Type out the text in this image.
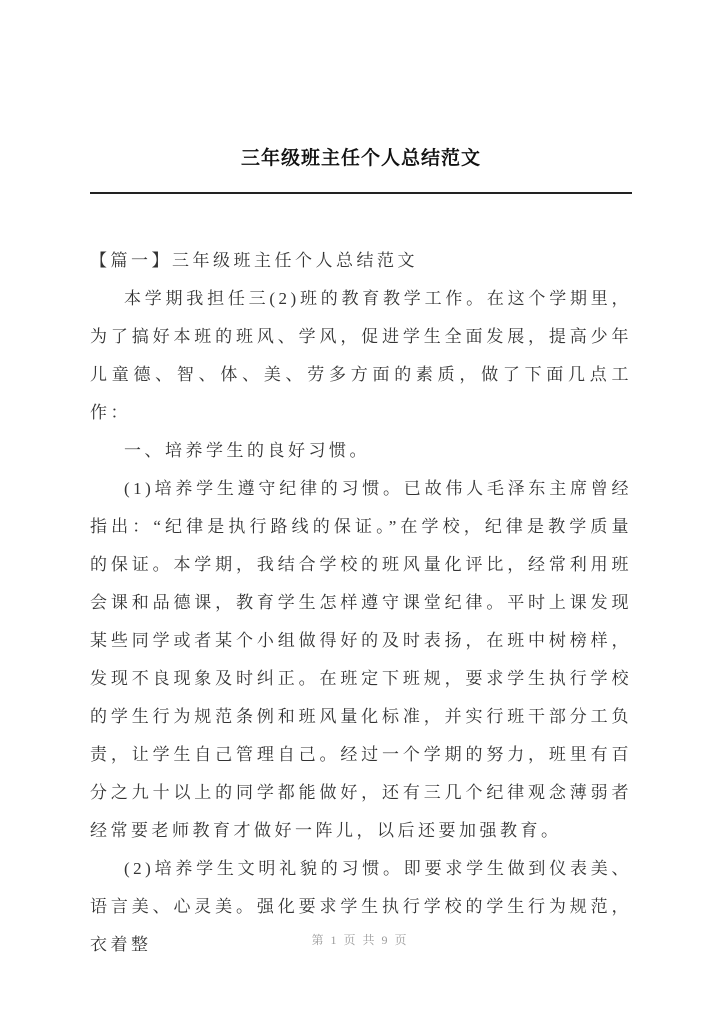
三年级班主任个人总结范文

【篇一】三年级班主任个人总结范文

本学期我担任三(2)班的教育教学工作。在这个学期里，为了搞好本班的班风、学风，促进学生全面发展，提高少年儿童德、智、体、美、劳多方面的素质，做了下面几点工作：

一、培养学生的良好习惯。

(1)培养学生遵守纪律的习惯。已故伟人毛泽东主席曾经指出：“纪律是执行路线的保证。”在学校，纪律是教学质量的保证。本学期，我结合学校的班风量化评比，经常利用班会课和品德课，教育学生怎样遵守课堂纪律。平时上课发现某些同学或者某个小组做得好的及时表扬，在班中树榜样，发现不良现象及时纠正。在班定下班规，要求学生执行学校的学生行为规范条例和班风量化标准，并实行班干部分工负责，让学生自己管理自己。经过一个学期的努力，班里有百分之九十以上的同学都能做好，还有三几个纪律观念薄弱者经常要老师教育才做好一阵儿，以后还要加强教育。

(2)培养学生文明礼貌的习惯。即要求学生做到仪表美、语言美、心灵美。强化要求学生执行学校的学生行为规范，衣着整	第 1 页 共 9 页
